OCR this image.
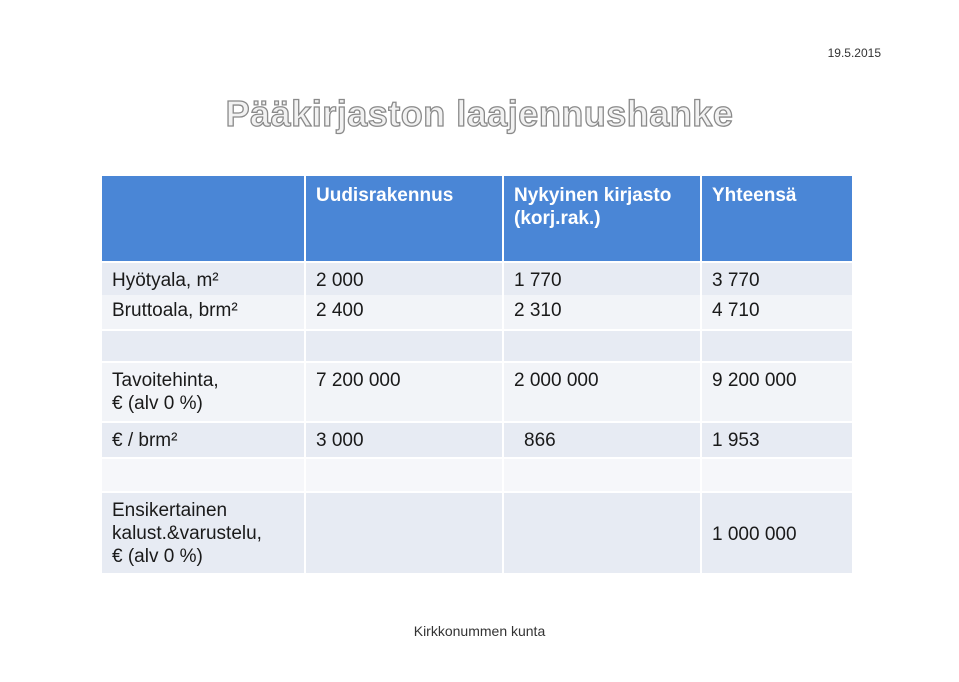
19.5.2015
Pääkirjaston laajennushanke
	Uudisrakennus	Nykyinen kirjasto (korj.rak.)	Yhteensä
Hyötyala, m²	2 000	1 770	3 770
Bruttoala, brm²	2 400	2 310	4 710

Tavoitehinta,
€ (alv 0 %)	7 200 000	2 000 000	9 200 000
€ / brm²	3 000	866	1 953

Ensikertainen kalust.&varustelu,
€ (alv 0 %)			1 000 000
Kirkkonummen kunta
